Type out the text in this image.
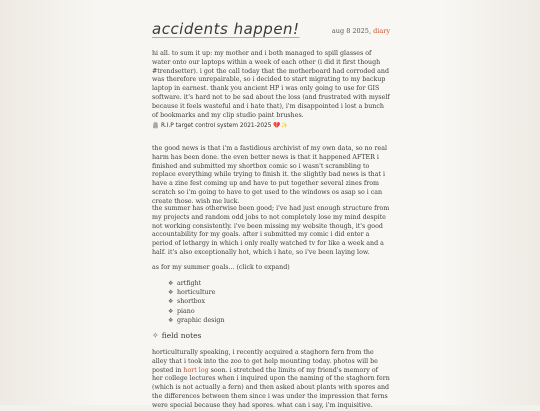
accidents happen!	aug 8 2025, diary
hi all. to sum it up: my mother and i both managed to spill glasses of water onto our laptops within a week of each other (i did it first though #trendsetter). i got the call today that the motherboard had corroded and was therefore unrepairable, so i decided to start migrating to my backup laptop in earnest. thank you ancient HP i was only going to use for GIS software. it's hard not to be sad about the loss (and frustrated with myself because it feels wasteful and i hate that), i'm disappointed i lost a bunch of bookmarks and my clip studio paint brushes.
🪦 R.I.P target control system 2021-2025 💔✨
the good news is that i'm a fastidious archivist of my own data, so no real harm has been done. the even better news is that it happened AFTER i finished and submitted my shortbox comic so i wasn't scrambling to replace everything while trying to finish it. the slightly bad news is that i have a zine fest coming up and have to put together several zines from scratch so i'm going to have to get used to the windows os asap so i can create those. wish me luck.
the summer has otherwise been good; i've had just enough structure from my projects and random odd jobs to not completely lose my mind despite not working consistently. i've been missing my website though, it's good accountability for my goals. after i submitted my comic i did enter a period of lethargy in which i only really watched tv for like a week and a half. it's also exceptionally hot, which i hate, so i've been laying low.
as for my summer goals... (click to expand)
❖ artfight
❖ horticulture
❖ shortbox
❖ piano
❖ graphic design
✧ field notes
horticulturally speaking, i recently acquired a staghorn fern from the alley that i took into the zoo to get help mounting today. photos will be posted in hort log soon. i stretched the limits of my friend's memory of her college lectures when i inquired upon the naming of the staghorn fern (which is not actually a fern) and then asked about plants with spores and the differences between them since i was under the impression that ferns were special because they had spores. what can i say, i'm inquisitive.
